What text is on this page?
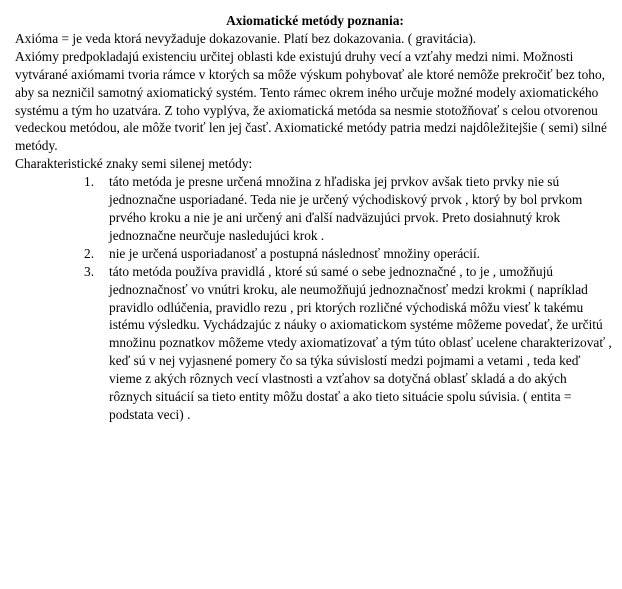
Axiomatické metódy poznania:

Axióma = je veda ktorá nevyžaduje dokazovanie. Platí bez dokazovania. ( gravitácia).

Axiómy predpokladajú existenciu určitej oblasti kde existujú druhy vecí a vzťahy medzi nimi. Možnosti vytvárané axiómami tvoria rámce v ktorých sa môže výskum pohybovať ale ktoré nemôže prekročiť bez toho, aby sa nezničil samotný axiomatický systém. Tento rámec okrem iného určuje možné modely axiomatického systému a tým ho uzatvára. Z toho vyplýva, že axiomatická metóda sa nesmie stotožňovať s celou otvorenou vedeckou metódou, ale môže tvoriť len jej časť. Axiomatické metódy patria medzi najdôležitejšie ( semi) silné metódy.

Charakteristické znaky semi silenej metódy:

1. táto metóda je presne určená množina z hľadiska jej prvkov avšak tieto prvky nie sú jednoznačne usporiadané. Teda nie je určený východiskový prvok , ktorý by bol prvkom prvého kroku a nie je ani určený ani ďalší nadväzujúci prvok. Preto dosiahnutý krok jednoznačne neurčuje nasledujúci krok .
2. nie je určená usporiadanosť a postupná následnosť množiny operácií.
3. táto metóda používa pravidlá , ktoré sú samé o sebe jednoznačné , to je , umožňujú jednoznačnosť vo vnútri kroku, ale neumožňujú jednoznačnosť medzi krokmi ( napríklad pravidlo odlúčenia, pravidlo rezu , pri ktorých rozličné východiská môžu viesť k takému istému výsledku. Vychádzajúc z náuky o axiomatickom systéme môžeme povedať, že určitú množinu poznatkov môžeme vtedy axiomatizovať a tým túto oblasť ucelene charakterizovať , keď sú v nej vyjasnené pomery čo sa týka súvislostí medzi pojmami a vetami , teda keď vieme z akých rôznych vecí vlastnosti a vzťahov sa dotyčná oblasť skladá a do akých rôznych situácií sa tieto entity môžu dostať a ako tieto situácie spolu súvisia. ( entita = podstata veci) .
